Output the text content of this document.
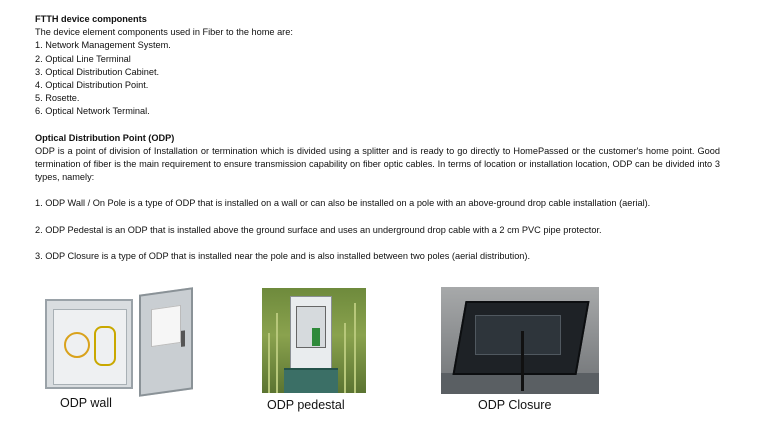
FTTH device components
The device element components used in Fiber to the home are:
1. Network Management System.
2. Optical Line Terminal
3. Optical Distribution Cabinet.
4. Optical Distribution Point.
5. Rosette.
6. Optical Network Terminal.
Optical Distribution Point (ODP)
ODP is a point of division of Installation or termination which is divided using a splitter and is ready to go directly to HomePassed or the customer's home point. Good termination of fiber is the main requirement to ensure transmission capability on fiber optic cables. In terms of location or installation location, ODP can be divided into 3 types, namely:
1. ODP Wall / On Pole is a type of ODP that is installed on a wall or can also be installed on a pole with an above-ground drop cable installation (aerial).
2. ODP Pedestal is an ODP that is installed above the ground surface and uses an underground drop cable with a 2 cm PVC pipe protector.
3. ODP Closure is a type of ODP that is installed near the pole and is also installed between two poles (aerial distribution).
ODP wall	ODP pedestal	ODP Closure
